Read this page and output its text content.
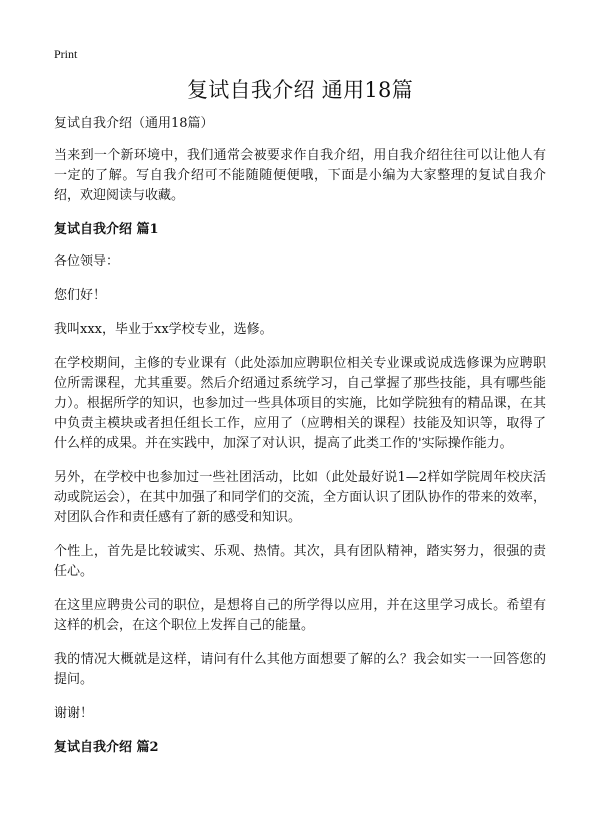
Print
复试自我介绍 通用18篇

复试自我介绍（通用18篇）

当来到一个新环境中，我们通常会被要求作自我介绍，用自我介绍往往可以让他人有一定的了解。写自我介绍可不能随随便便哦，下面是小编为大家整理的复试自我介绍，欢迎阅读与收藏。

复试自我介绍 篇1

各位领导：

您们好！

我叫xxx，毕业于xx学校专业，选修。

在学校期间，主修的专业课有（此处添加应聘职位相关专业课或说成选修课为应聘职位所需课程，尤其重要。然后介绍通过系统学习，自己掌握了那些技能，具有哪些能力）。根据所学的知识，也参加过一些具体项目的实施，比如学院独有的精品课，在其中负责主模块或者担任组长工作，应用了（应聘相关的课程）技能及知识等，取得了什么样的成果。并在实践中，加深了对认识，提高了此类工作的'实际操作能力。

另外，在学校中也参加过一些社团活动，比如（此处最好说1—2样如学院周年校庆活动或院运会），在其中加强了和同学们的交流，全方面认识了团队协作的带来的效率，对团队合作和责任感有了新的感受和知识。

个性上，首先是比较诚实、乐观、热情。其次，具有团队精神，踏实努力，很强的责任心。

在这里应聘贵公司的职位，是想将自己的所学得以应用，并在这里学习成长。希望有这样的机会，在这个职位上发挥自己的能量。

我的情况大概就是这样，请问有什么其他方面想要了解的么？我会如实一一回答您的提问。

谢谢！

复试自我介绍 篇2
